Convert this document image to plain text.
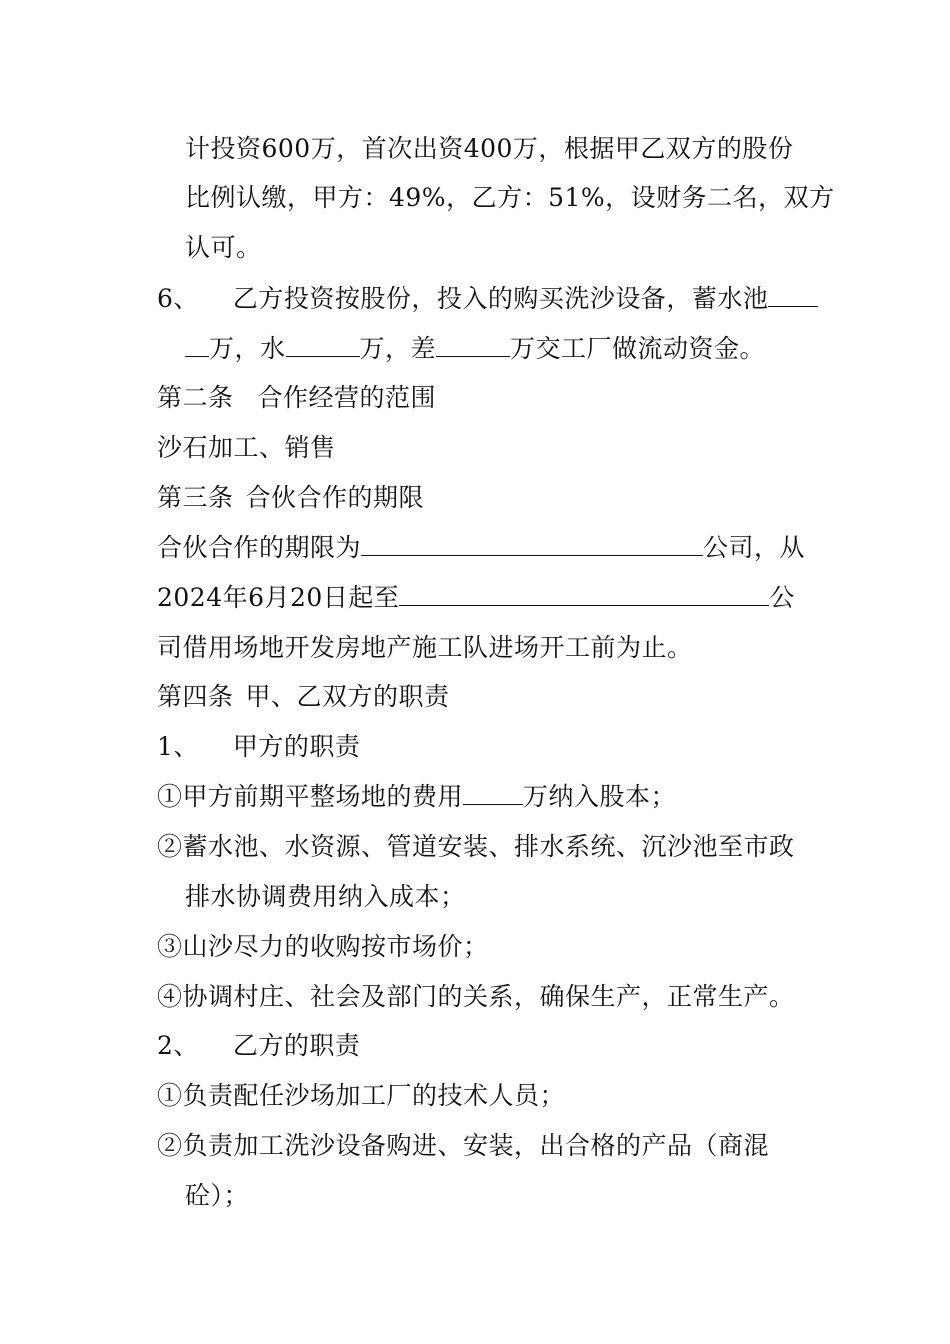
计投资600万，首次出资400万，根据甲乙双方的股份
比例认缴，甲方：49%，乙方：51%，设财务二名，双方
认可。
6、 乙方投资按股份，投入的购买洗沙设备，蓄水池
万，水	万，差	万交工厂做流动资金。
第二条 合作经营的范围
沙石加工、销售
第三条 合伙合作的期限
合伙合作的期限为	公司，从
2024年6月20日起至	公
司借用场地开发房地产施工队进场开工前为止。
第四条 甲、乙双方的职责
1、 甲方的职责
①甲方前期平整场地的费用 万纳入股本；
②蓄水池、水资源、管道安装、排水系统、沉沙池至市政
排水协调费用纳入成本；
③山沙尽力的收购按市场价；
④协调村庄、社会及部门的关系，确保生产，正常生产。
2、 乙方的职责
①负责配任沙场加工厂的技术人员；
②负责加工洗沙设备购进、安装，出合格的产品（商混
砼）；
